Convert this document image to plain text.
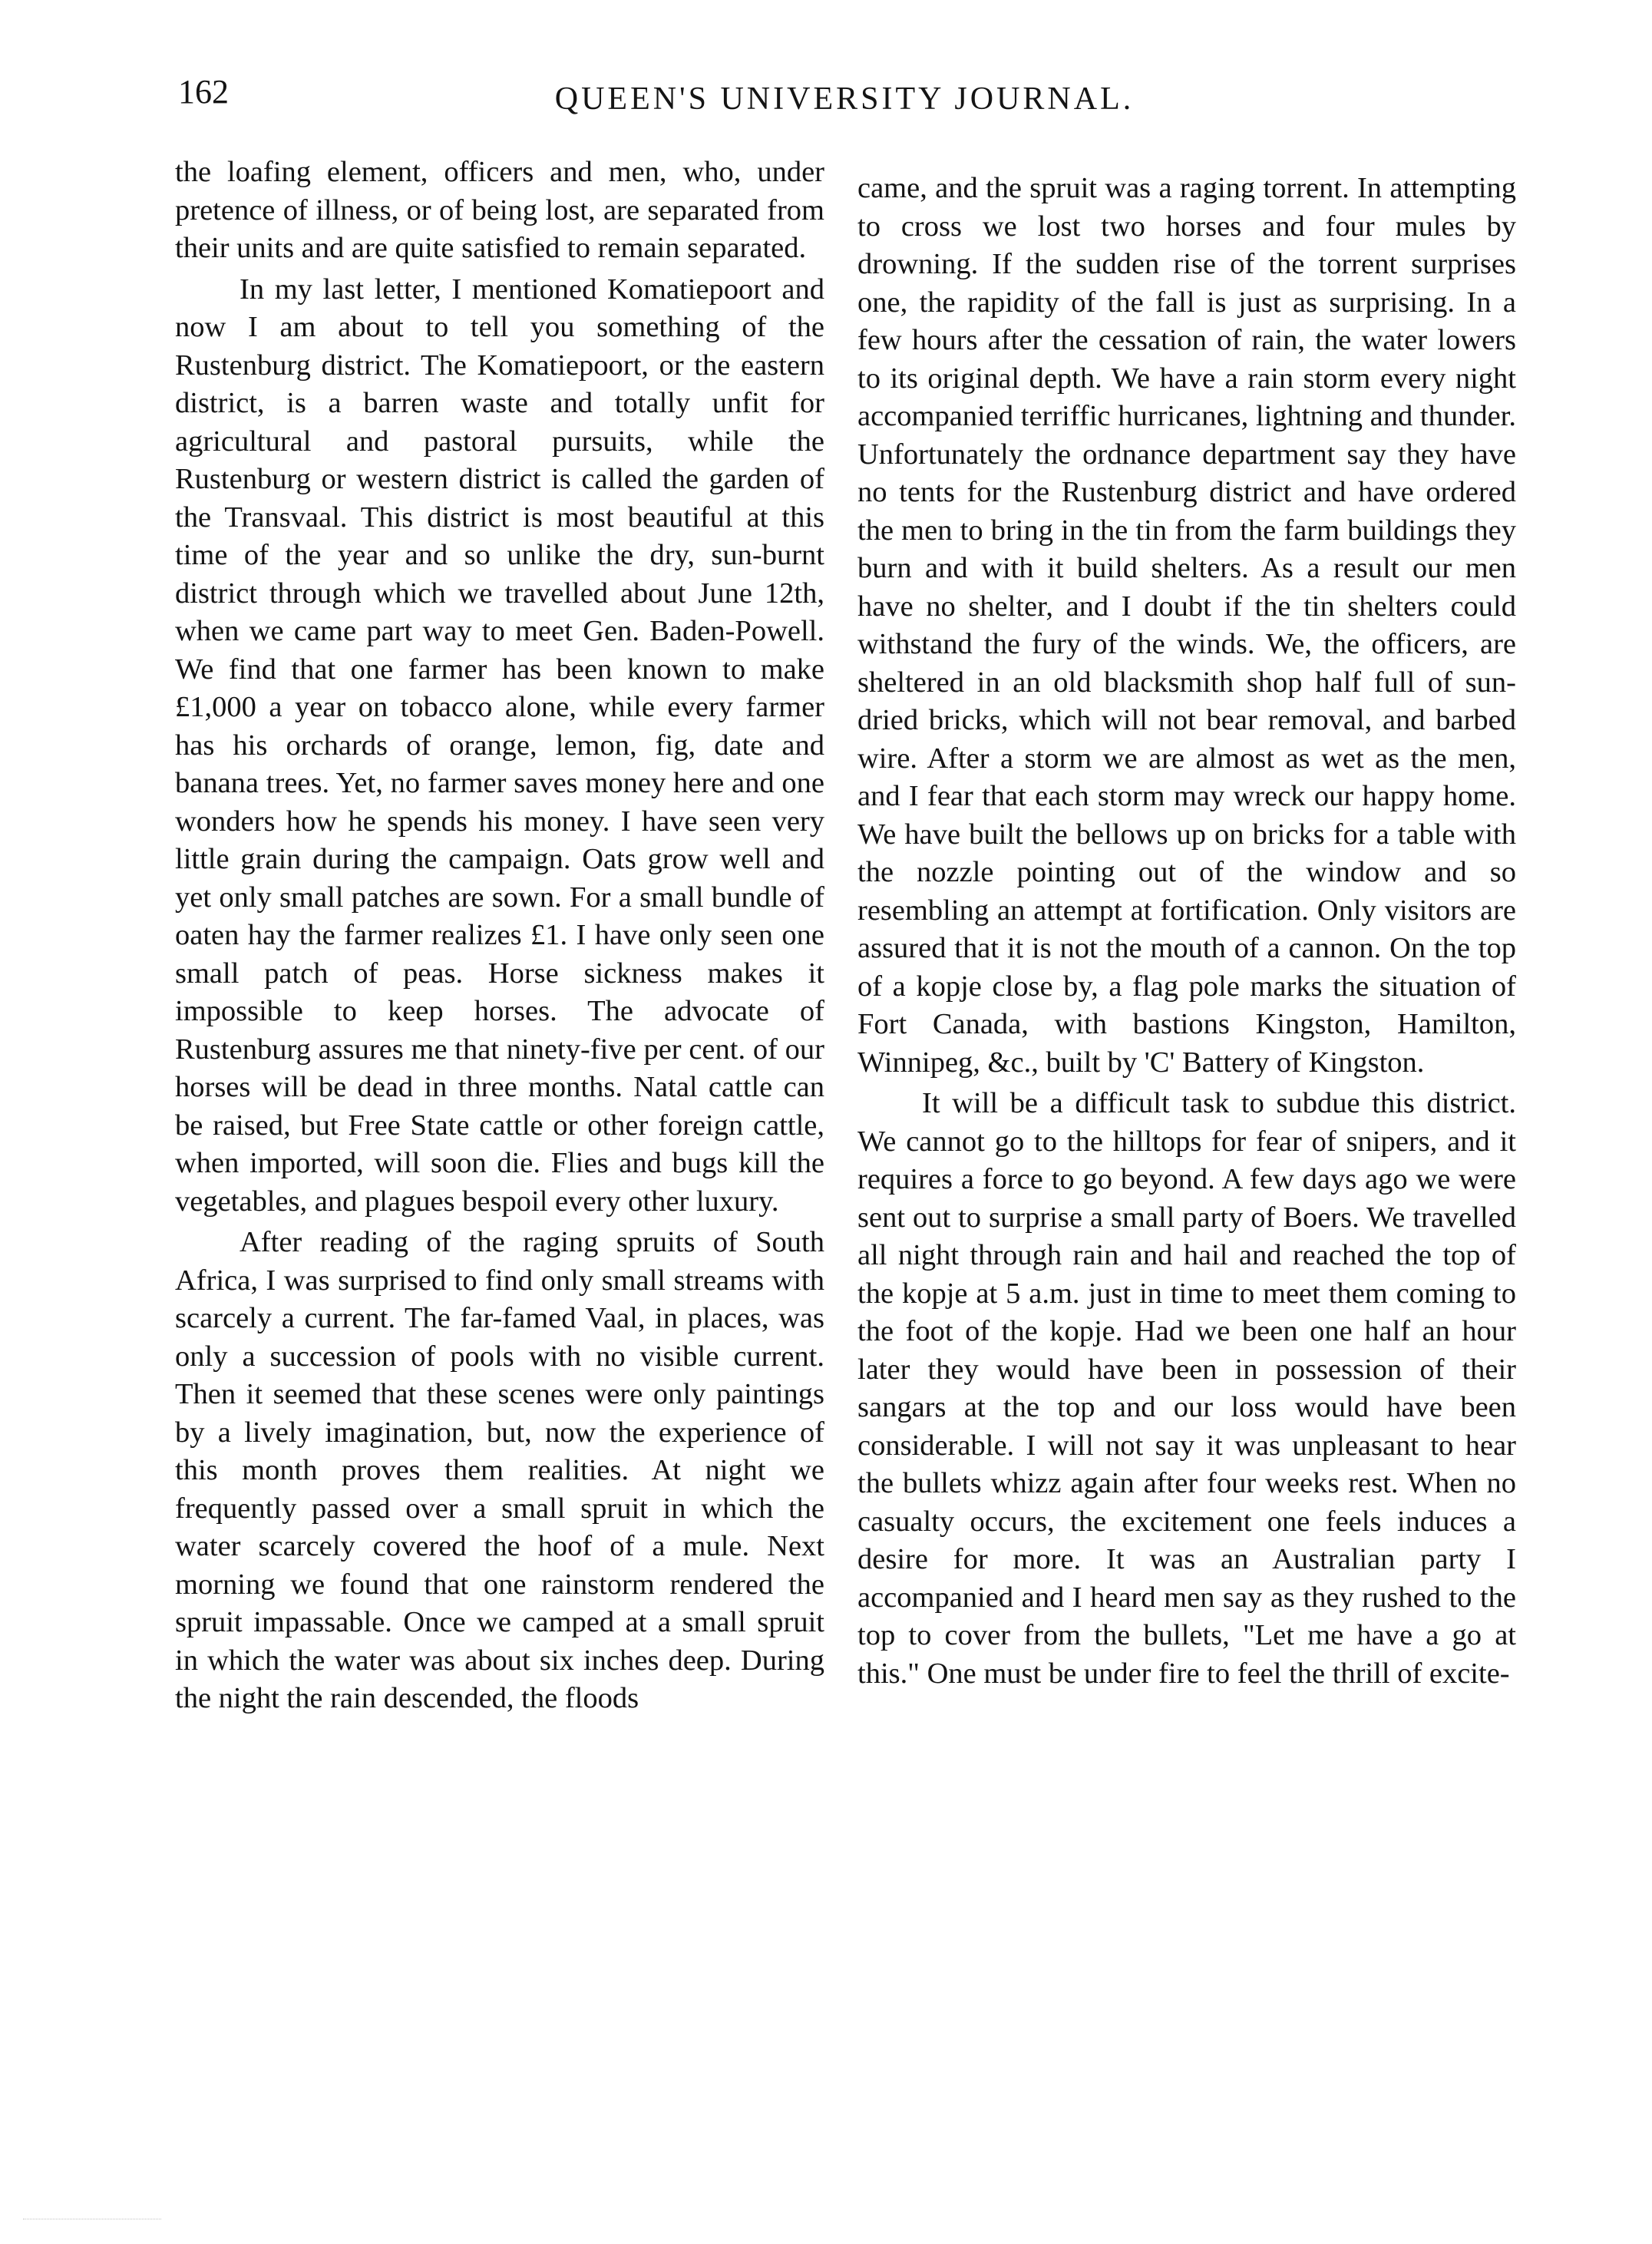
162	QUEEN'S UNIVERSITY JOURNAL.

the loafing element, officers and men, who, under pretence of illness, or of being lost, are separated from their units and are quite satisfied to remain separated.

In my last letter, I mentioned Komatiepoort and now I am about to tell you something of the Rustenburg district. The Komatiepoort, or the eastern district, is a barren waste and totally unfit for agricultural and pastoral pursuits, while the Rustenburg or western district is called the garden of the Transvaal. This district is most beautiful at this time of the year and so unlike the dry, sun-burnt district through which we travelled about June 12th, when we came part way to meet Gen. Baden-Powell. We find that one farmer has been known to make £1,000 a year on tobacco alone, while every farmer has his orchards of orange, lemon, fig, date and banana trees. Yet, no farmer saves money here and one wonders how he spends his money. I have seen very little grain during the campaign. Oats grow well and yet only small patches are sown. For a small bundle of oaten hay the farmer realizes £1. I have only seen one small patch of peas. Horse sickness makes it impossible to keep horses. The advocate of Rustenburg assures me that ninety-five per cent. of our horses will be dead in three months. Natal cattle can be raised, but Free State cattle or other foreign cattle, when imported, will soon die. Flies and bugs kill the vegetables, and plagues bespoil every other luxury.

After reading of the raging spruits of South Africa, I was surprised to find only small streams with scarcely a current. The far-famed Vaal, in places, was only a succession of pools with no visible current. Then it seemed that these scenes were only paintings by a lively imagination, but, now the experience of this month proves them realities. At night we frequently passed over a small spruit in which the water scarcely covered the hoof of a mule. Next morning we found that one rainstorm rendered the spruit impassable. Once we camped at a small spruit in which the water was about six inches deep. During the night the rain descended, the floods

came, and the spruit was a raging torrent. In attempting to cross we lost two horses and four mules by drowning. If the sudden rise of the torrent surprises one, the rapidity of the fall is just as surprising. In a few hours after the cessation of rain, the water lowers to its original depth. We have a rain storm every night accompanied terriffic hurricanes, lightning and thunder. Unfortunately the ordnance department say they have no tents for the Rustenburg district and have ordered the men to bring in the tin from the farm buildings they burn and with it build shelters. As a result our men have no shelter, and I doubt if the tin shelters could withstand the fury of the winds. We, the officers, are sheltered in an old blacksmith shop half full of sun-dried bricks, which will not bear removal, and barbed wire. After a storm we are almost as wet as the men, and I fear that each storm may wreck our happy home. We have built the bellows up on bricks for a table with the nozzle pointing out of the window and so resembling an attempt at fortification. Only visitors are assured that it is not the mouth of a cannon. On the top of a kopje close by, a flag pole marks the situation of Fort Canada, with bastions Kingston, Hamilton, Winnipeg, &c., built by 'C' Battery of Kingston.

It will be a difficult task to subdue this district. We cannot go to the hilltops for fear of snipers, and it requires a force to go beyond. A few days ago we were sent out to surprise a small party of Boers. We travelled all night through rain and hail and reached the top of the kopje at 5 a.m. just in time to meet them coming to the foot of the kopje. Had we been one half an hour later they would have been in possession of their sangars at the top and our loss would have been considerable. I will not say it was unpleasant to hear the bullets whizz again after four weeks rest. When no casualty occurs, the excitement one feels induces a desire for more. It was an Australian party I accompanied and I heard men say as they rushed to the top to cover from the bullets, "Let me have a go at this." One must be under fire to feel the thrill of excite-
